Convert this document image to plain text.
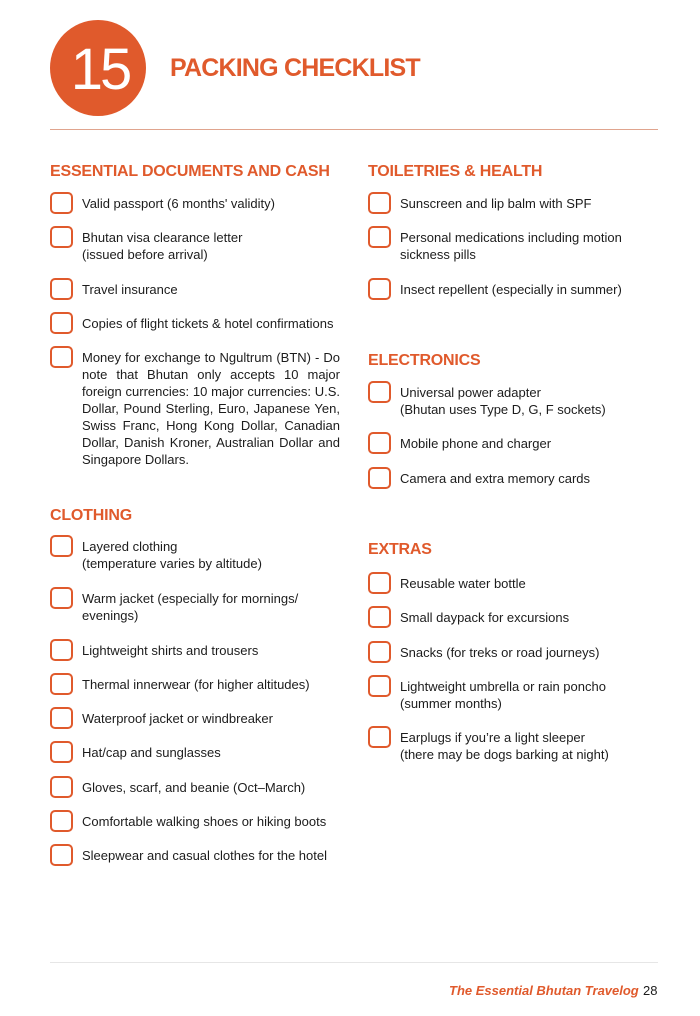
15	PACKING CHECKLIST
ESSENTIAL DOCUMENTS AND CASH
Valid passport (6 months' validity)
Bhutan visa clearance letter
(issued before arrival)
Travel insurance
Copies of flight tickets & hotel confirmations
Money for exchange to Ngultrum (BTN) - Do note that Bhutan only accepts 10 major foreign currencies: 10 major currencies: U.S. Dollar, Pound Sterling, Euro, Japanese Yen, Swiss Franc, Hong Kong Dollar, Canadian Dollar, Danish Kroner, Australian Dollar and Singapore Dollars.
CLOTHING
Layered clothing
(temperature varies by altitude)
Warm jacket (especially for mornings/
evenings)
Lightweight shirts and trousers
Thermal innerwear (for higher altitudes)
Waterproof jacket or windbreaker
Hat/cap and sunglasses
Gloves, scarf, and beanie (Oct–March)
Comfortable walking shoes or hiking boots
Sleepwear and casual clothes for the hotel
TOILETRIES & HEALTH
Sunscreen and lip balm with SPF
Personal medications including motion
sickness pills
Insect repellent (especially in summer)
ELECTRONICS
Universal power adapter
(Bhutan uses Type D, G, F sockets)
Mobile phone and charger
Camera and extra memory cards
EXTRAS
Reusable water bottle
Small daypack for excursions
Snacks (for treks or road journeys)
Lightweight umbrella or rain poncho
(summer months)
Earplugs if you’re a light sleeper
(there may be dogs barking at night)
The Essential Bhutan Travelog 28
